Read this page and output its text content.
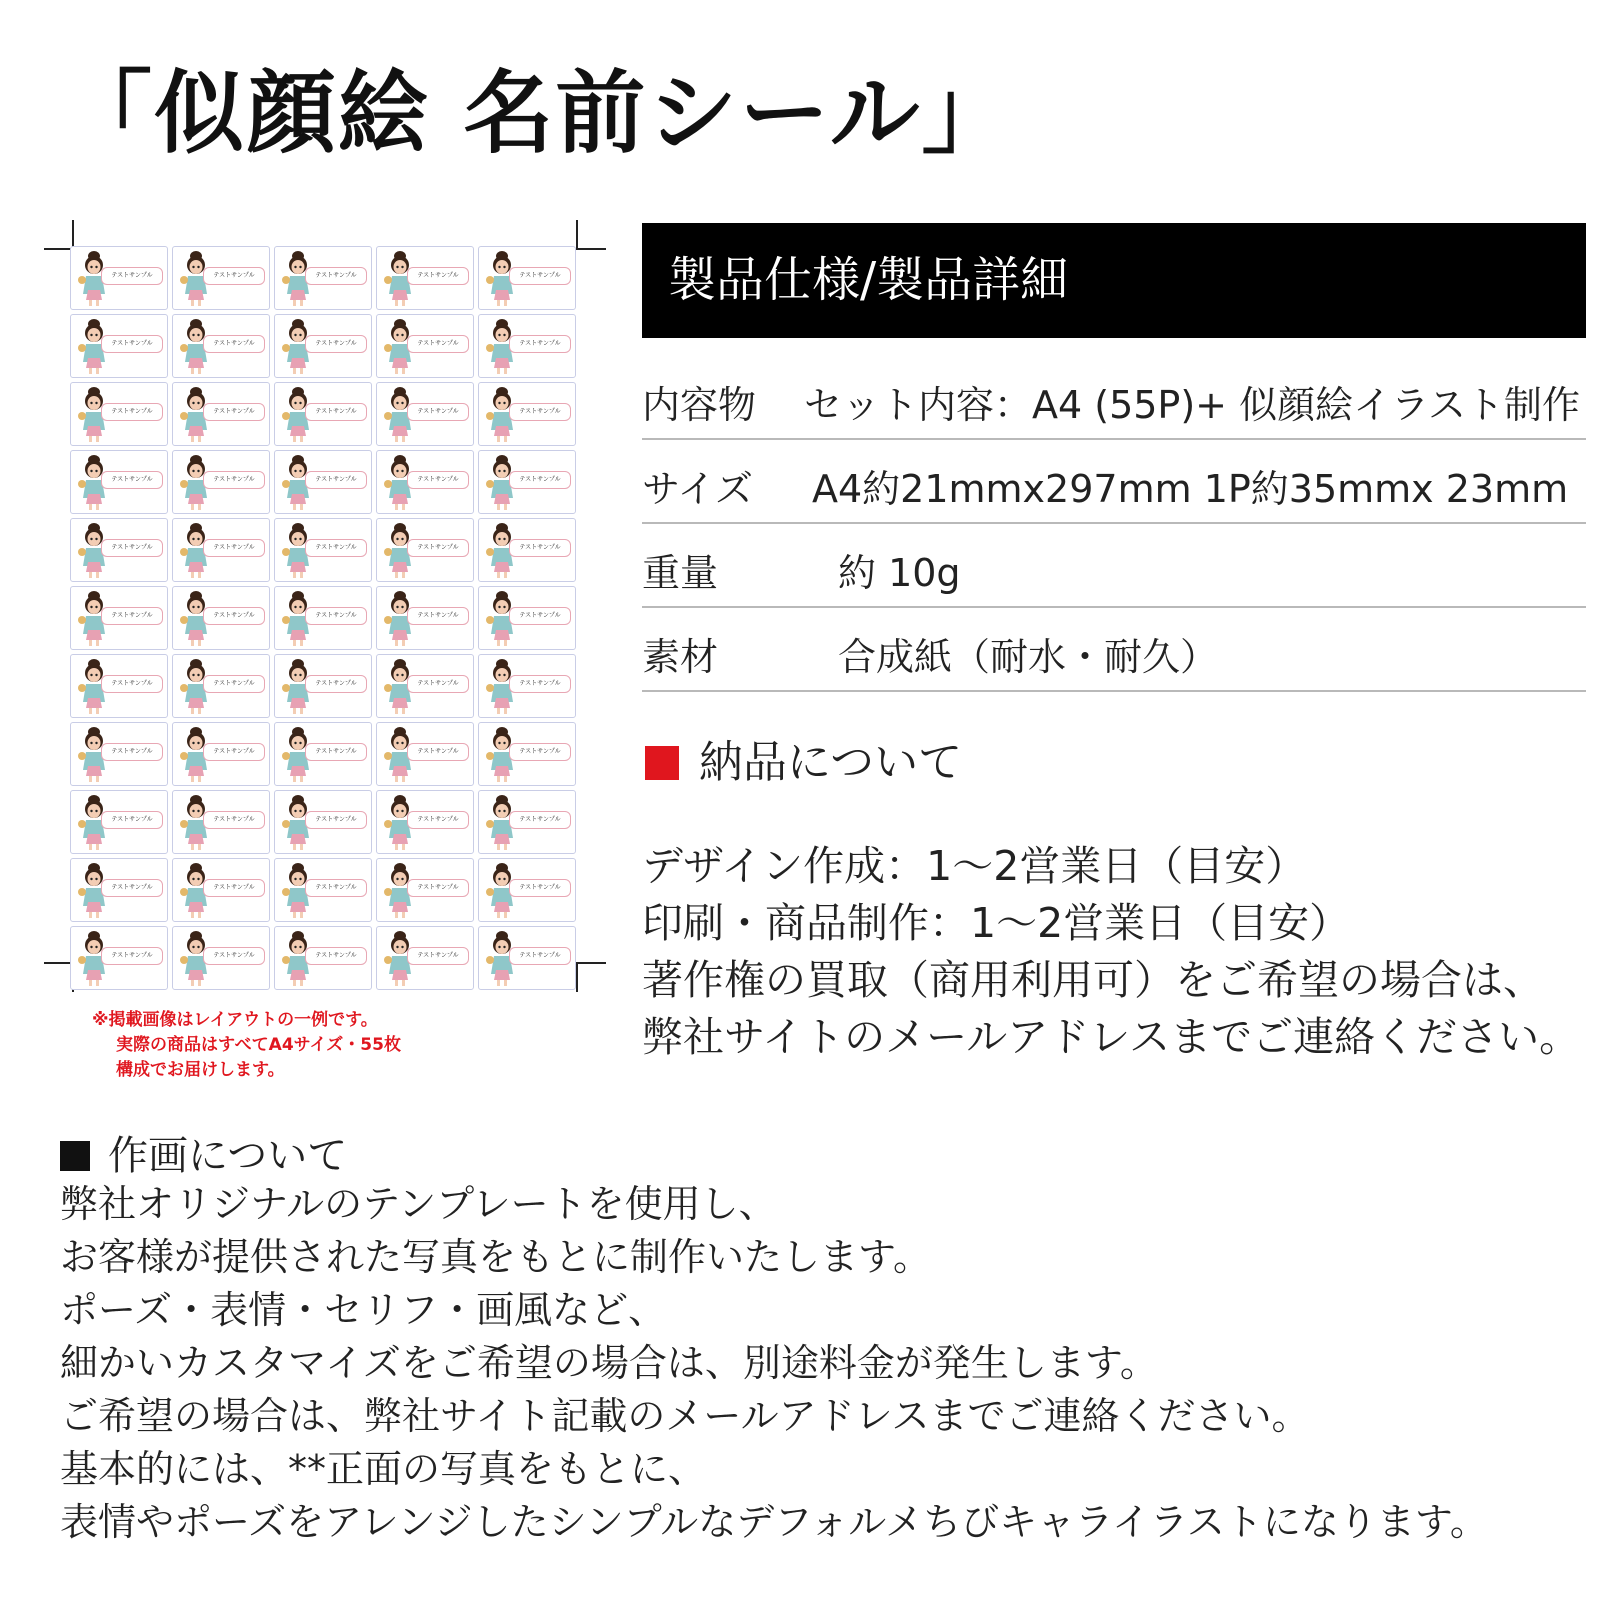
「似顔絵 名前シール」
テストサンプル	テストサンプル	テストサンプル	テストサンプル	テストサンプル
テストサンプル	テストサンプル	テストサンプル	テストサンプル	テストサンプル
テストサンプル	テストサンプル	テストサンプル	テストサンプル	テストサンプル
テストサンプル	テストサンプル	テストサンプル	テストサンプル	テストサンプル
テストサンプル	テストサンプル	テストサンプル	テストサンプル	テストサンプル
テストサンプル	テストサンプル	テストサンプル	テストサンプル	テストサンプル
テストサンプル	テストサンプル	テストサンプル	テストサンプル	テストサンプル
テストサンプル	テストサンプル	テストサンプル	テストサンプル	テストサンプル
テストサンプル	テストサンプル	テストサンプル	テストサンプル	テストサンプル
テストサンプル	テストサンプル	テストサンプル	テストサンプル	テストサンプル
テストサンプル	テストサンプル	テストサンプル	テストサンプル	テストサンプル
※掲載画像はレイアウトの一例です。
実際の商品はすべてA4サイズ・55枚
構成でお届けします。
製品仕様/製品詳細
内容物 セット内容：A4 (55P)+ 似顔絵イラスト制作
サイズ A4約21mmx297mm 1P約35mmx 23mm
重量	約 10g
素材	合成紙（耐水・耐久）
納品について
デザイン作成：1～2営業日（目安）
印刷・商品制作：1～2営業日（目安）
著作権の買取（商用利用可）をご希望の場合は、
弊社サイトのメールアドレスまでご連絡ください。
作画について
弊社オリジナルのテンプレートを使用し、
お客様が提供された写真をもとに制作いたします。
ポーズ・表情・セリフ・画風など、
細かいカスタマイズをご希望の場合は、別途料金が発生します。
ご希望の場合は、弊社サイト記載のメールアドレスまでご連絡ください。
基本的には、**正面の写真をもとに、
表情やポーズをアレンジしたシンプルなデフォルメちびキャライラストになります。
